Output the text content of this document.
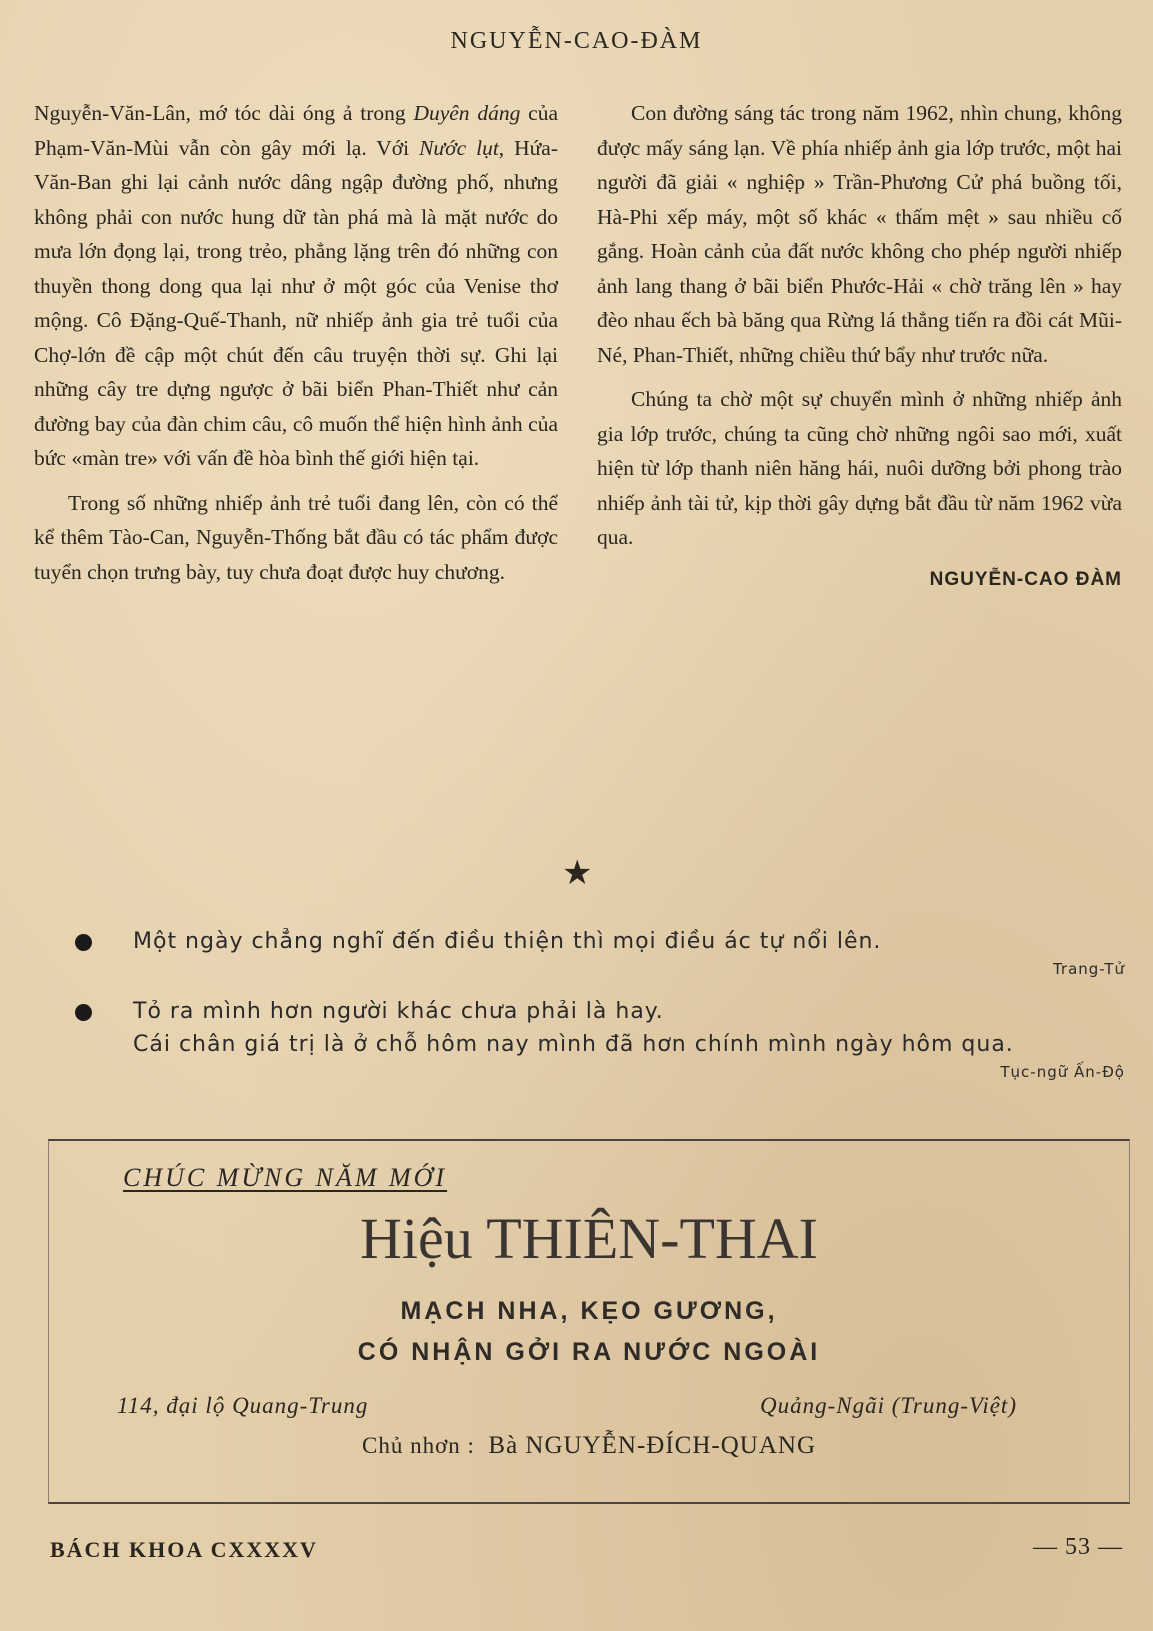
NGUYỄN-CAO-ĐÀM

Nguyễn-Văn-Lân, mớ tóc dài óng ả trong Duyên dáng của Phạm-Văn-Mùi vẫn còn gây mới lạ. Với Nước lụt, Hứa-Văn-Ban ghi lại cảnh nước dâng ngập đường phố, nhưng không phải con nước hung dữ tàn phá mà là mặt nước do mưa lớn đọng lại, trong trẻo, phẳng lặng trên đó những con thuyền thong dong qua lại như ở một góc của Venise thơ mộng. Cô Đặng-Quế-Thanh, nữ nhiếp ảnh gia trẻ tuổi của Chợ-lớn đề cập một chút đến câu truyện thời sự. Ghi lại những cây tre dựng ngược ở bãi biển Phan-Thiết như cản đường bay của đàn chim câu, cô muốn thể hiện hình ảnh của bức «màn tre» với vấn đề hòa bình thế giới hiện tại.

Trong số những nhiếp ảnh trẻ tuổi đang lên, còn có thể kể thêm Tào-Can, Nguyễn-Thống bắt đầu có tác phẩm được tuyển chọn trưng bày, tuy chưa đoạt được huy chương.

Con đường sáng tác trong năm 1962, nhìn chung, không được mấy sáng lạn. Về phía nhiếp ảnh gia lớp trước, một hai người đã giải « nghiệp » Trần-Phương Cử phá buồng tối, Hà-Phi xếp máy, một số khác « thấm mệt » sau nhiều cố gắng. Hoàn cảnh của đất nước không cho phép người nhiếp ảnh lang thang ở bãi biển Phước-Hải « chờ trăng lên » hay đèo nhau ếch bà băng qua Rừng lá thẳng tiến ra đồi cát Mũi-Né, Phan-Thiết, những chiều thứ bẩy như trước nữa.

Chúng ta chờ một sự chuyển mình ở những nhiếp ảnh gia lớp trước, chúng ta cũng chờ những ngôi sao mới, xuất hiện từ lớp thanh niên hăng hái, nuôi dưỡng bởi phong trào nhiếp ảnh tài tử, kịp thời gây dựng bắt đầu từ năm 1962 vừa qua.

NGUYỄN-CAO ĐÀM
★
Một ngày chẳng nghĩ đến điều thiện thì mọi điều ác tự nổi lên.
Trang-Tử
Tỏ ra mình hơn người khác chưa phải là hay.
Cái chân giá trị là ở chỗ hôm nay mình đã hơn chính mình ngày hôm qua.
Tục-ngữ Ấn-Độ
CHÚC MỪNG NĂM MỚI
Hiệu THIÊN-THAI
MẠCH NHA, KẸO GƯƠNG,
CÓ NHẬN GỞI RA NƯỚC NGOÀI
114, đại lộ Quang-Trung	Quảng-Ngãi (Trung-Việt)
Chủ nhơn : Bà NGUYỄN-ĐÍCH-QUANG
BÁCH KHOA CXXXXV	— 53 —
